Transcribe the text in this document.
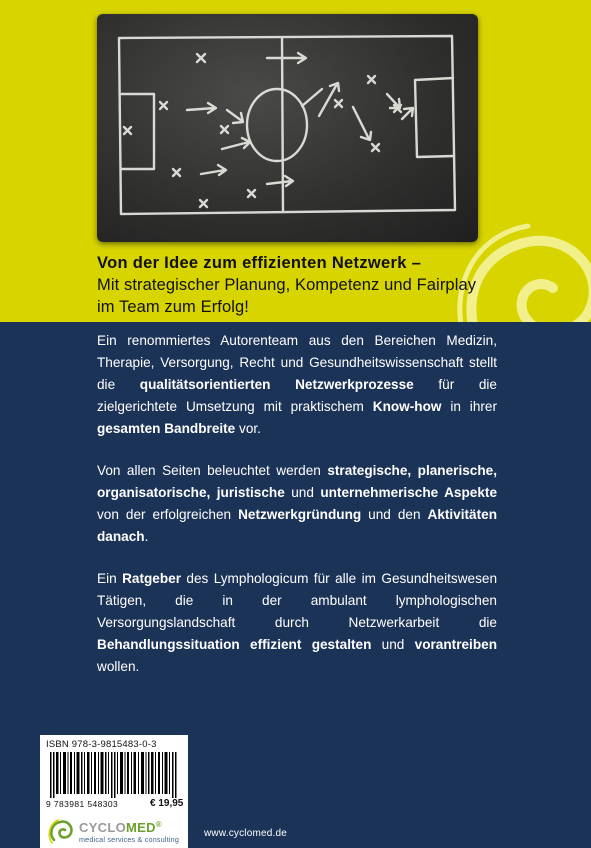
Von der Idee zum effizienten Netzwerk –
Mit strategischer Planung, Kompetenz und Fairplay im Team zum Erfolg!

Ein renommiertes Autorenteam aus den Bereichen Medizin, Therapie, Versorgung, Recht und Gesundheitswissenschaft stellt die qualitätsorientierten Netzwerkprozesse für die zielgerichtete Umsetzung mit praktischem Know-how in ihrer gesamten Bandbreite vor.

Von allen Seiten beleuchtet werden strategische, planerische, organisatorische, juristische und unternehmerische Aspekte von der erfolgreichen Netzwerkgründung und den Aktivitäten danach.

Ein Ratgeber des Lymphologicum für alle im Gesundheitswesen Tätigen, die in der ambulant lymphologischen Versorgungslandschaft durch Netzwerkarbeit die Behandlungssituation effizient gestalten und vorantreiben wollen.

ISBN 978-3-9815483-0-3
9 783981 548303	€ 19,95
CYCLOMED®
medical services & consulting
www.cyclomed.de
